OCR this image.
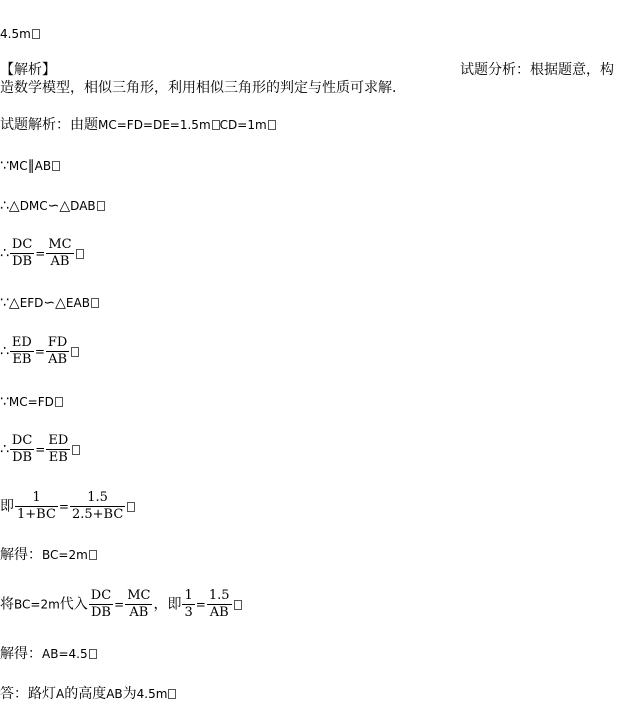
4.5m
【解析】	试题分析：根据题意，构
造数学模型，相似三角形，利用相似三角形的判定与性质可求解.
试题解析：由题MC=FD=DE=1.5m CD=1m
∵MC∥AB
∴△DMC∽△DAB
∴ $\frac{DC}{DB} = \frac{MC}{AB}$
∵△EFD∽△EAB
∴ $\frac{ED}{EB} = \frac{FD}{AB}$
∵MC=FD
∴ $\frac{DC}{DB} = \frac{ED}{EB}$
即 $\frac{1}{1+BC} = \frac{1.5}{2.5+BC}$
解得：BC=2m
将BC=2m代入 $\frac{DC}{DB} = \frac{MC}{AB}$ ，即 $\frac{1}{3} = \frac{1.5}{AB}$
解得：AB=4.5
答：路灯A的高度AB为4.5m
